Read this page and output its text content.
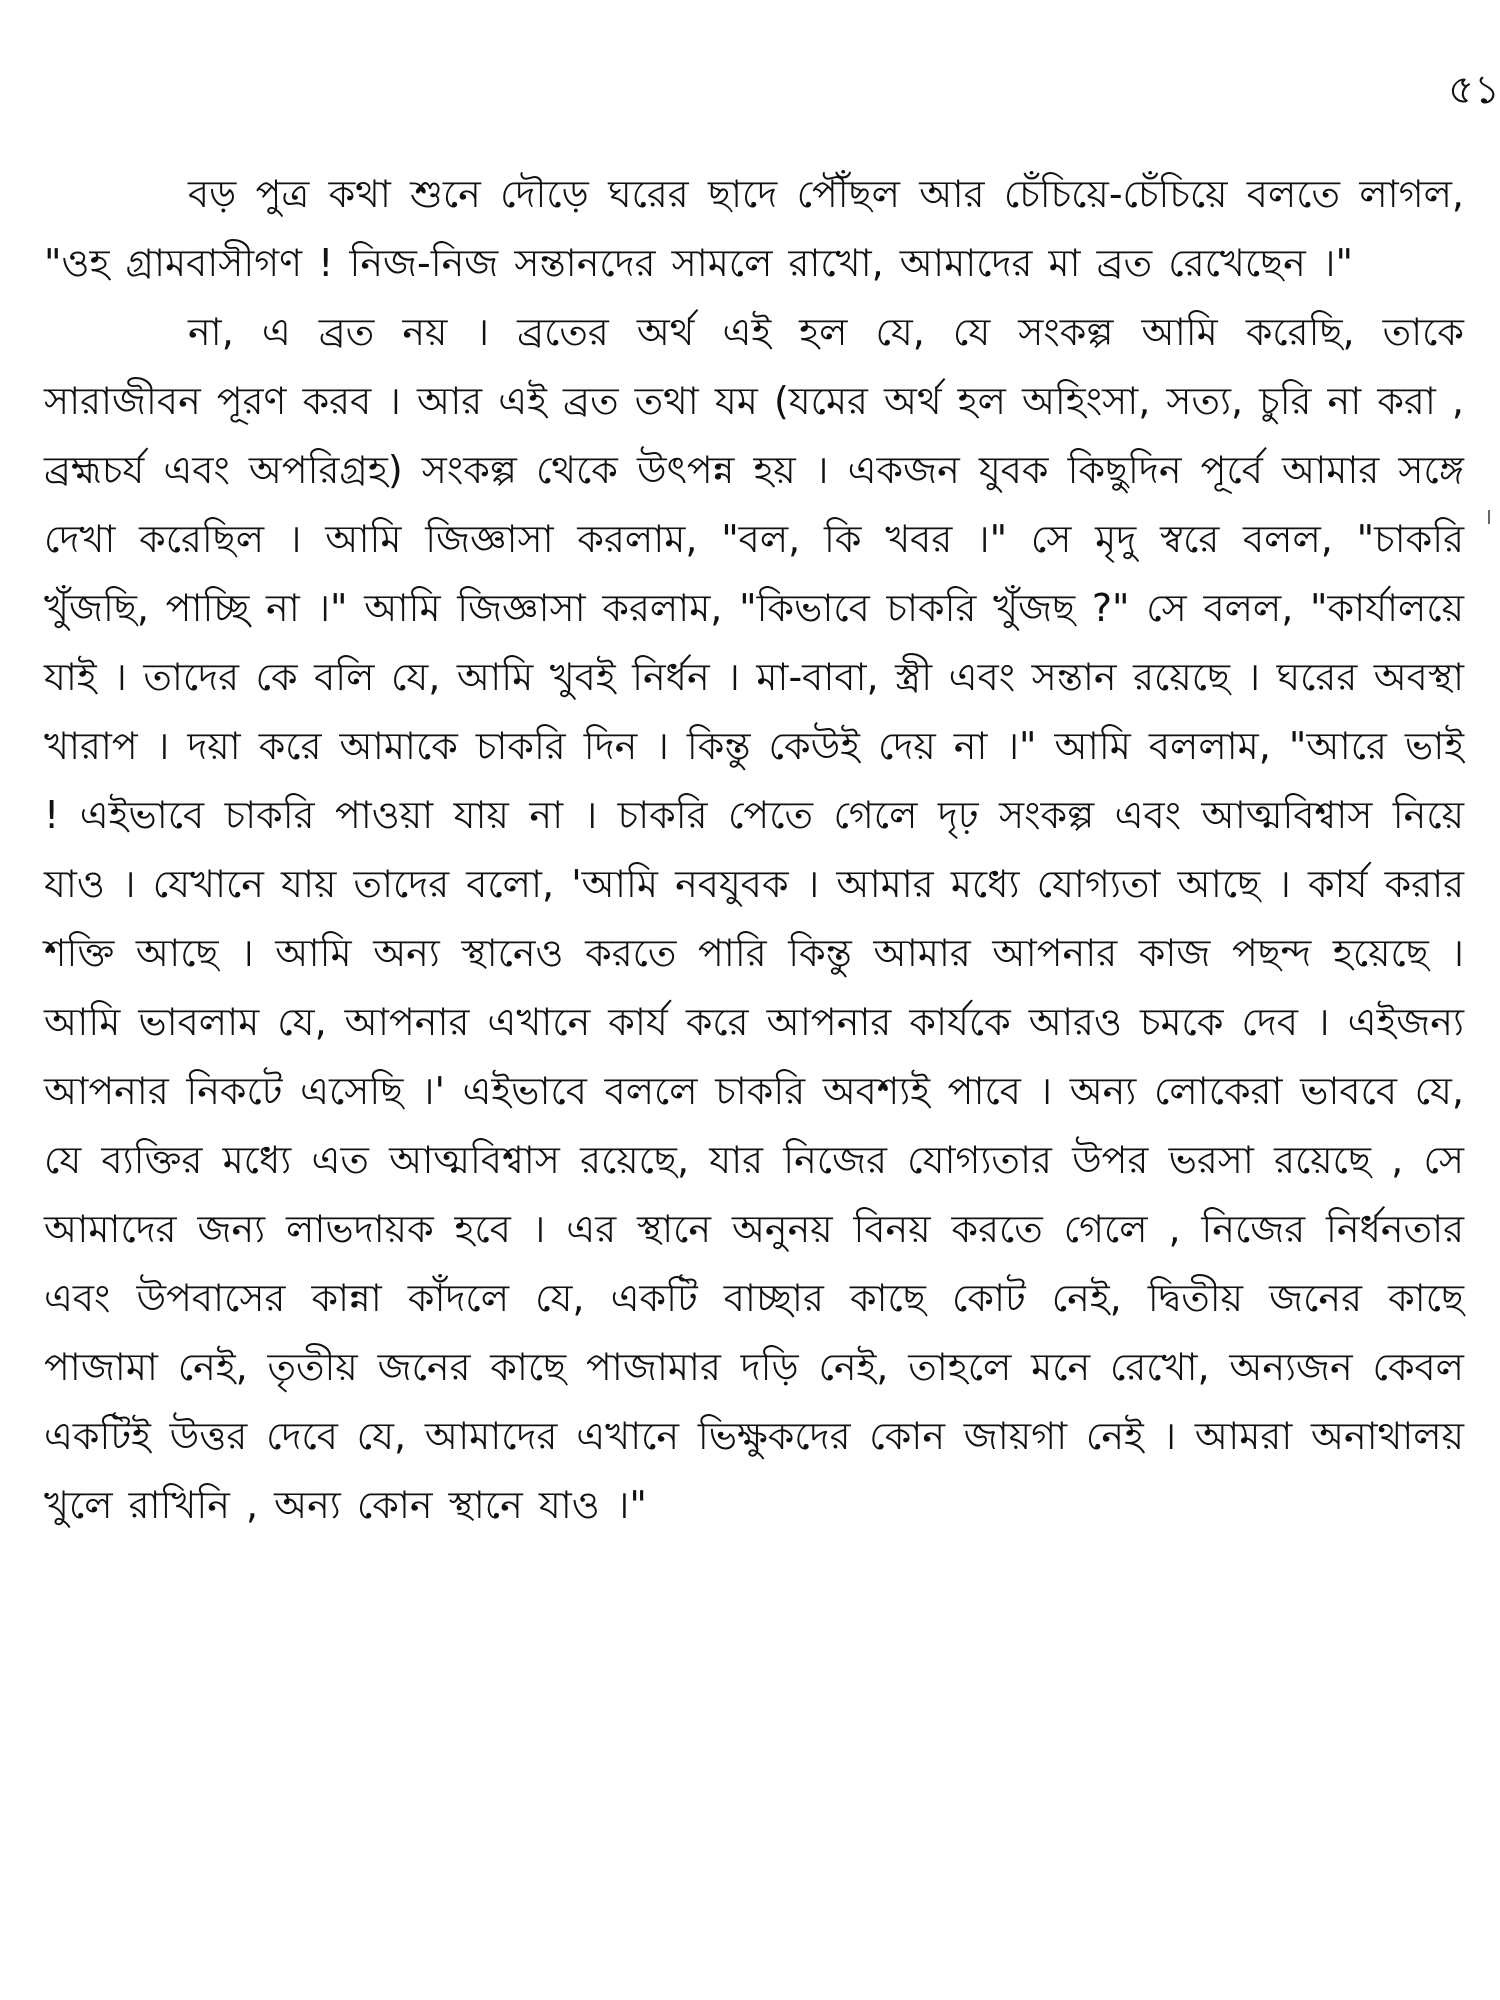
৫১

বড় পুত্র কথা শুনে দৌড়ে ঘরের ছাদে পৌঁছল আর চেঁচিয়ে-চেঁচিয়ে বলতে লাগল, "ওহ গ্রামবাসীগণ ! নিজ-নিজ সন্তানদের সামলে রাখো, আমাদের মা ব্রত রেখেছেন ।"

না, এ ব্রত নয় । ব্রতের অর্থ এই হল যে, যে সংকল্প আমি করেছি, তাকে সারাজীবন পূরণ করব । আর এই ব্রত তথা যম (যমের অর্থ হল অহিংসা, সত্য, চুরি না করা , ব্রহ্মচর্য এবং অপরিগ্রহ) সংকল্প থেকে উৎপন্ন হয় । একজন যুবক কিছুদিন পূর্বে আমার সঙ্গে দেখা করেছিল । আমি জিজ্ঞাসা করলাম, "বল, কি খবর ।" সে মৃদু স্বরে বলল, "চাকরি খুঁজছি, পাচ্ছি না ।" আমি জিজ্ঞাসা করলাম, "কিভাবে চাকরি খুঁজছ ?" সে বলল, "কার্যালয়ে যাই । তাদের কে বলি যে, আমি খুবই নির্ধন । মা-বাবা, স্ত্রী এবং সন্তান রয়েছে । ঘরের অবস্থা খারাপ । দয়া করে আমাকে চাকরি দিন । কিন্তু কেউই দেয় না ।" আমি বললাম, "আরে ভাই ! এইভাবে চাকরি পাওয়া যায় না । চাকরি পেতে গেলে দৃঢ় সংকল্প এবং আত্মবিশ্বাস নিয়ে যাও । যেখানে যায় তাদের বলো, 'আমি নবযুবক । আমার মধ্যে যোগ্যতা আছে । কার্য করার শক্তি আছে । আমি অন্য স্থানেও করতে পারি কিন্তু আমার আপনার কাজ পছন্দ হয়েছে । আমি ভাবলাম যে, আপনার এখানে কার্য করে আপনার কার্যকে আরও চমকে দেব । এইজন্য আপনার নিকটে এসেছি ।' এইভাবে বললে চাকরি অবশ্যই পাবে । অন্য লোকেরা ভাববে যে, যে ব্যক্তির মধ্যে এত আত্মবিশ্বাস রয়েছে, যার নিজের যোগ্যতার উপর ভরসা রয়েছে , সে আমাদের জন্য লাভদায়ক হবে । এর স্থানে অনুনয় বিনয় করতে গেলে , নিজের নির্ধনতার এবং উপবাসের কান্না কাঁদলে যে, একটি বাচ্ছার কাছে কোট নেই, দ্বিতীয় জনের কাছে পাজামা নেই, তৃতীয় জনের কাছে পাজামার দড়ি নেই, তাহলে মনে রেখো, অন্যজন কেবল একটিই উত্তর দেবে যে, আমাদের এখানে ভিক্ষুকদের কোন জায়গা নেই । আমরা অনাথালয় খুলে রাখিনি , অন্য কোন স্থানে যাও ।"
